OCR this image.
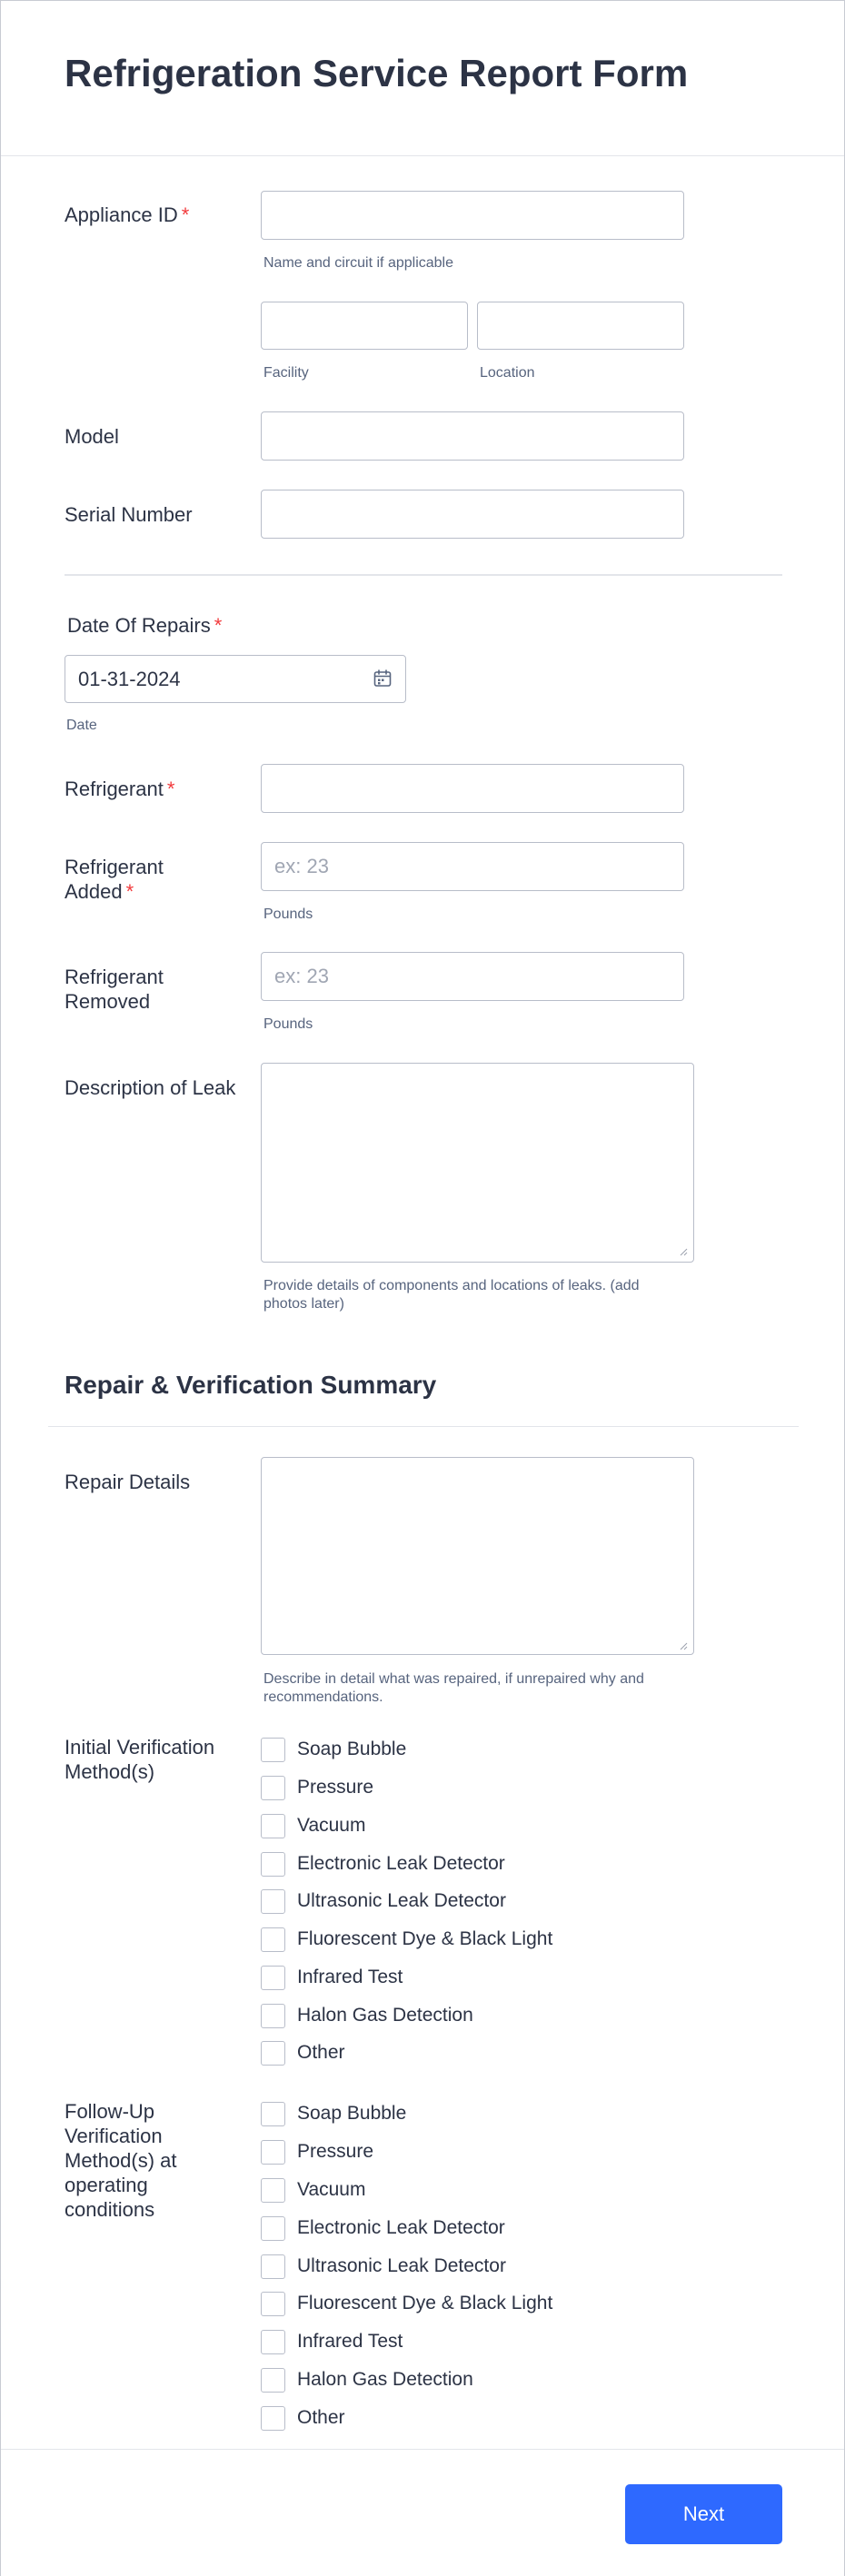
Refrigeration Service Report Form
Appliance ID *
Name and circuit if applicable
Facility	Location
Model
Serial Number
Date Of Repairs *
01-31-2024
Date
Refrigerant *
Refrigerant
Added *
ex: 23
Pounds
Refrigerant
Removed
ex: 23
Pounds
Description of Leak
Provide details of components and locations of leaks. (add
photos later)
Repair & Verification Summary
Repair Details
Describe in detail what was repaired, if unrepaired why and
recommendations.
Initial Verification
Method(s)
Soap Bubble
Pressure
Vacuum
Electronic Leak Detector
Ultrasonic Leak Detector
Fluorescent Dye & Black Light
Infrared Test
Halon Gas Detection
Other
Follow-Up
Verification
Method(s) at
operating
conditions
Soap Bubble
Pressure
Vacuum
Electronic Leak Detector
Ultrasonic Leak Detector
Fluorescent Dye & Black Light
Infrared Test
Halon Gas Detection
Other
Next
